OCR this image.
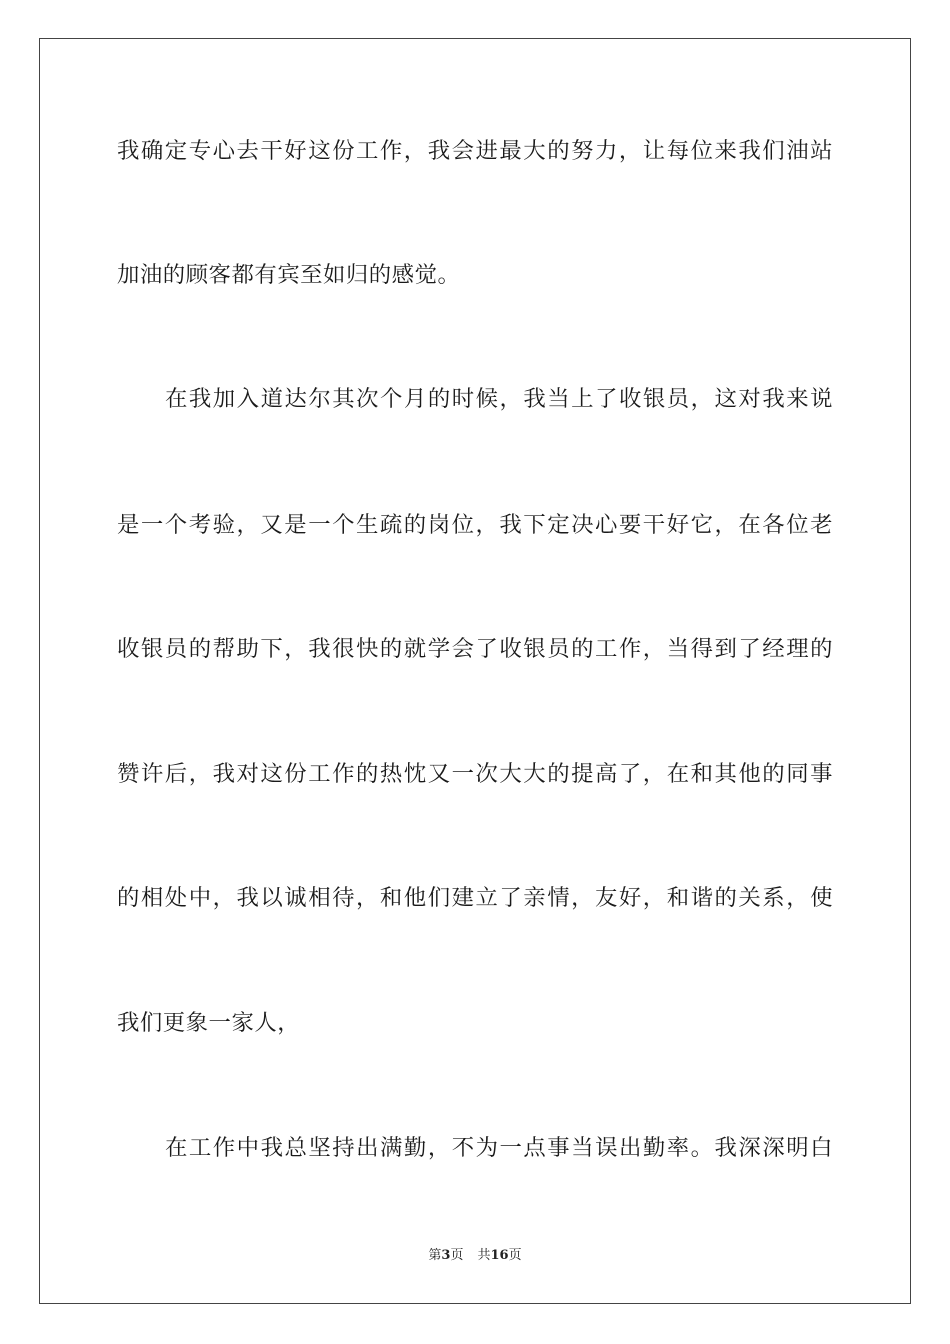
我确定专心去干好这份工作，我会进最大的努力，让每位来我们油站
加油的顾客都有宾至如归的感觉。
在我加入道达尔其次个月的时候，我当上了收银员，这对我来说
是一个考验，又是一个生疏的岗位，我下定决心要干好它，在各位老
收银员的帮助下，我很快的就学会了收银员的工作，当得到了经理的
赞许后，我对这份工作的热忱又一次大大的提高了，在和其他的同事
的相处中，我以诚相待，和他们建立了亲情，友好，和谐的关系，使
我们更象一家人，
在工作中我总坚持出满勤，不为一点事当误出勤率。我深深明白
第3页 共16页
